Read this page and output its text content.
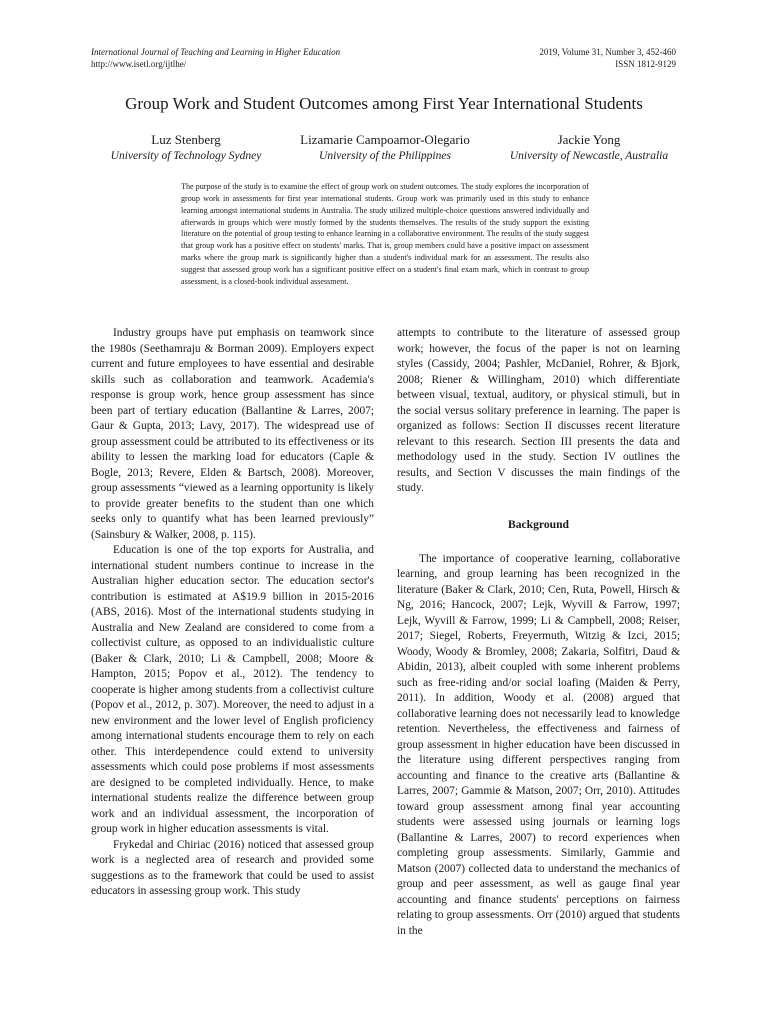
International Journal of Teaching and Learning in Higher Education
http://www.isetl.org/ijtlhe/
2019, Volume 31, Number 3, 452-460
ISSN 1812-9129
Group Work and Student Outcomes among First Year International Students
Luz Stenberg
University of Technology Sydney
Lizamarie Campoamor-Olegario
University of the Philippines
Jackie Yong
University of Newcastle, Australia
The purpose of the study is to examine the effect of group work on student outcomes. The study explores the incorporation of group work in assessments for first year international students. Group work was primarily used in this study to enhance learning amongst international students in Australia. The study utilized multiple-choice questions answered individually and afterwards in groups which were mostly formed by the students themselves. The results of the study support the existing literature on the potential of group testing to enhance learning in a collaborative environment. The results of the study suggest that group work has a positive effect on students' marks. That is, group members could have a positive impact on assessment marks where the group mark is significantly higher than a student's individual mark for an assessment. The results also suggest that assessed group work has a significant positive effect on a student's final exam mark, which in contrast to group assessment, is a closed-book individual assessment.

Industry groups have put emphasis on teamwork since the 1980s (Seethamraju & Borman 2009). Employers expect current and future employees to have essential and desirable skills such as collaboration and teamwork. Academia's response is group work, hence group assessment has since been part of tertiary education (Ballantine & Larres, 2007; Gaur & Gupta, 2013; Lavy, 2017). The widespread use of group assessment could be attributed to its effectiveness or its ability to lessen the marking load for educators (Caple & Bogle, 2013; Revere, Elden & Bartsch, 2008). Moreover, group assessments “viewed as a learning opportunity is likely to provide greater benefits to the student than one which seeks only to quantify what has been learned previously” (Sainsbury & Walker, 2008, p. 115).

Education is one of the top exports for Australia, and international student numbers continue to increase in the Australian higher education sector. The education sector's contribution is estimated at A$19.9 billion in 2015-2016 (ABS, 2016). Most of the international students studying in Australia and New Zealand are considered to come from a collectivist culture, as opposed to an individualistic culture (Baker & Clark, 2010; Li & Campbell, 2008; Moore & Hampton, 2015; Popov et al., 2012). The tendency to cooperate is higher among students from a collectivist culture (Popov et al., 2012, p. 307). Moreover, the need to adjust in a new environment and the lower level of English proficiency among international students encourage them to rely on each other. This interdependence could extend to university assessments which could pose problems if most assessments are designed to be completed individually. Hence, to make international students realize the difference between group work and an individual assessment, the incorporation of group work in higher education assessments is vital.

Frykedal and Chiriac (2016) noticed that assessed group work is a neglected area of research and provided some suggestions as to the framework that could be used to assist educators in assessing group work. This study

attempts to contribute to the literature of assessed group work; however, the focus of the paper is not on learning styles (Cassidy, 2004; Pashler, McDaniel, Rohrer, & Bjork, 2008; Riener & Willingham, 2010) which differentiate between visual, textual, auditory, or physical stimuli, but in the social versus solitary preference in learning. The paper is organized as follows: Section II discusses recent literature relevant to this research. Section III presents the data and methodology used in the study. Section IV outlines the results, and Section V discusses the main findings of the study.

Background

The importance of cooperative learning, collaborative learning, and group learning has been recognized in the literature (Baker & Clark, 2010; Cen, Ruta, Powell, Hirsch & Ng, 2016; Hancock, 2007; Lejk, Wyvill & Farrow, 1997; Lejk, Wyvill & Farrow, 1999; Li & Campbell, 2008; Reiser, 2017; Siegel, Roberts, Freyermuth, Witzig & Izci, 2015; Woody, Woody & Bromley, 2008; Zakaria, Solfitri, Daud & Abidin, 2013), albeit coupled with some inherent problems such as free-riding and/or social loafing (Maiden & Perry, 2011). In addition, Woody et al. (2008) argued that collaborative learning does not necessarily lead to knowledge retention. Nevertheless, the effectiveness and fairness of group assessment in higher education have been discussed in the literature using different perspectives ranging from accounting and finance to the creative arts (Ballantine & Larres, 2007; Gammie & Matson, 2007; Orr, 2010). Attitudes toward group assessment among final year accounting students were assessed using journals or learning logs (Ballantine & Larres, 2007) to record experiences when completing group assessments. Similarly, Gammie and Matson (2007) collected data to understand the mechanics of group and peer assessment, as well as gauge final year accounting and finance students' perceptions on fairness relating to group assessments. Orr (2010) argued that students in the
